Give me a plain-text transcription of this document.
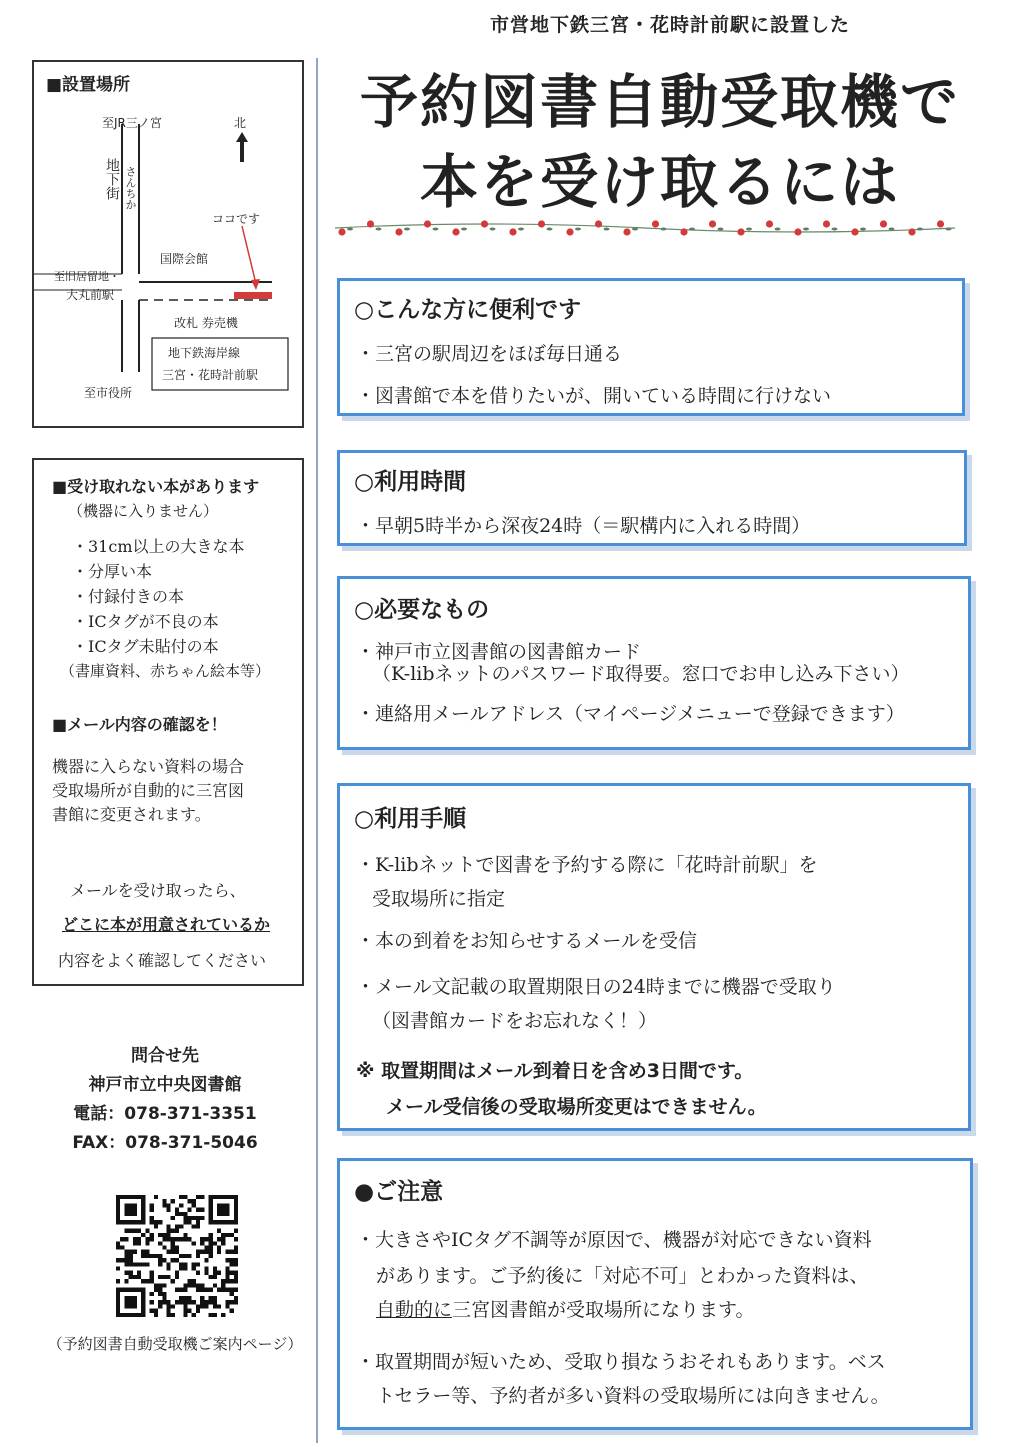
市営地下鉄三宮・花時計前駅に設置した
予約図書自動受取機で
本を受け取るには
■設置場所
至JR三ノ宮	北
地下街 さんちか
ココです
国際会館
至旧居留地・
大丸前駅
改札 券売機
地下鉄海岸線
三宮・花時計前駅
至市役所
■受け取れない本があります
（機器に入りません）
・31cm以上の大きな本
・分厚い本
・付録付きの本
・ICタグが不良の本
・ICタグ未貼付の本
（書庫資料、赤ちゃん絵本等）
■メール内容の確認を！
機器に入らない資料の場合
受取場所が自動的に三宮図
書館に変更されます。
メールを受け取ったら、
どこに本が用意されているか
内容をよく確認してください
問合せ先
神戸市立中央図書館
電話：078-371-3351
FAX：078-371-5046
（予約図書自動受取機ご案内ページ）
○こんな方に便利です
・三宮の駅周辺をほぼ毎日通る
・図書館で本を借りたいが、開いている時間に行けない
○利用時間
・早朝5時半から深夜24時（＝駅構内に入れる時間）
○必要なもの
・神戸市立図書館の図書館カード
（K-libネットのパスワード取得要。窓口でお申し込み下さい）
・連絡用メールアドレス（マイページメニューで登録できます）
○利用手順
・K-libネットで図書を予約する際に「花時計前駅」を
受取場所に指定
・本の到着をお知らせするメールを受信
・メール文記載の取置期限日の24時までに機器で受取り
（図書館カードをお忘れなく！）
※ 取置期間はメール到着日を含め3日間です。
メール受信後の受取場所変更はできません。
●ご注意
・大きさやICタグ不調等が原因で、機器が対応できない資料
があります。ご予約後に「対応不可」とわかった資料は、
自動的に三宮図書館が受取場所になります。
・取置期間が短いため、受取り損なうおそれもあります。ベス
トセラー等、予約者が多い資料の受取場所には向きません。
